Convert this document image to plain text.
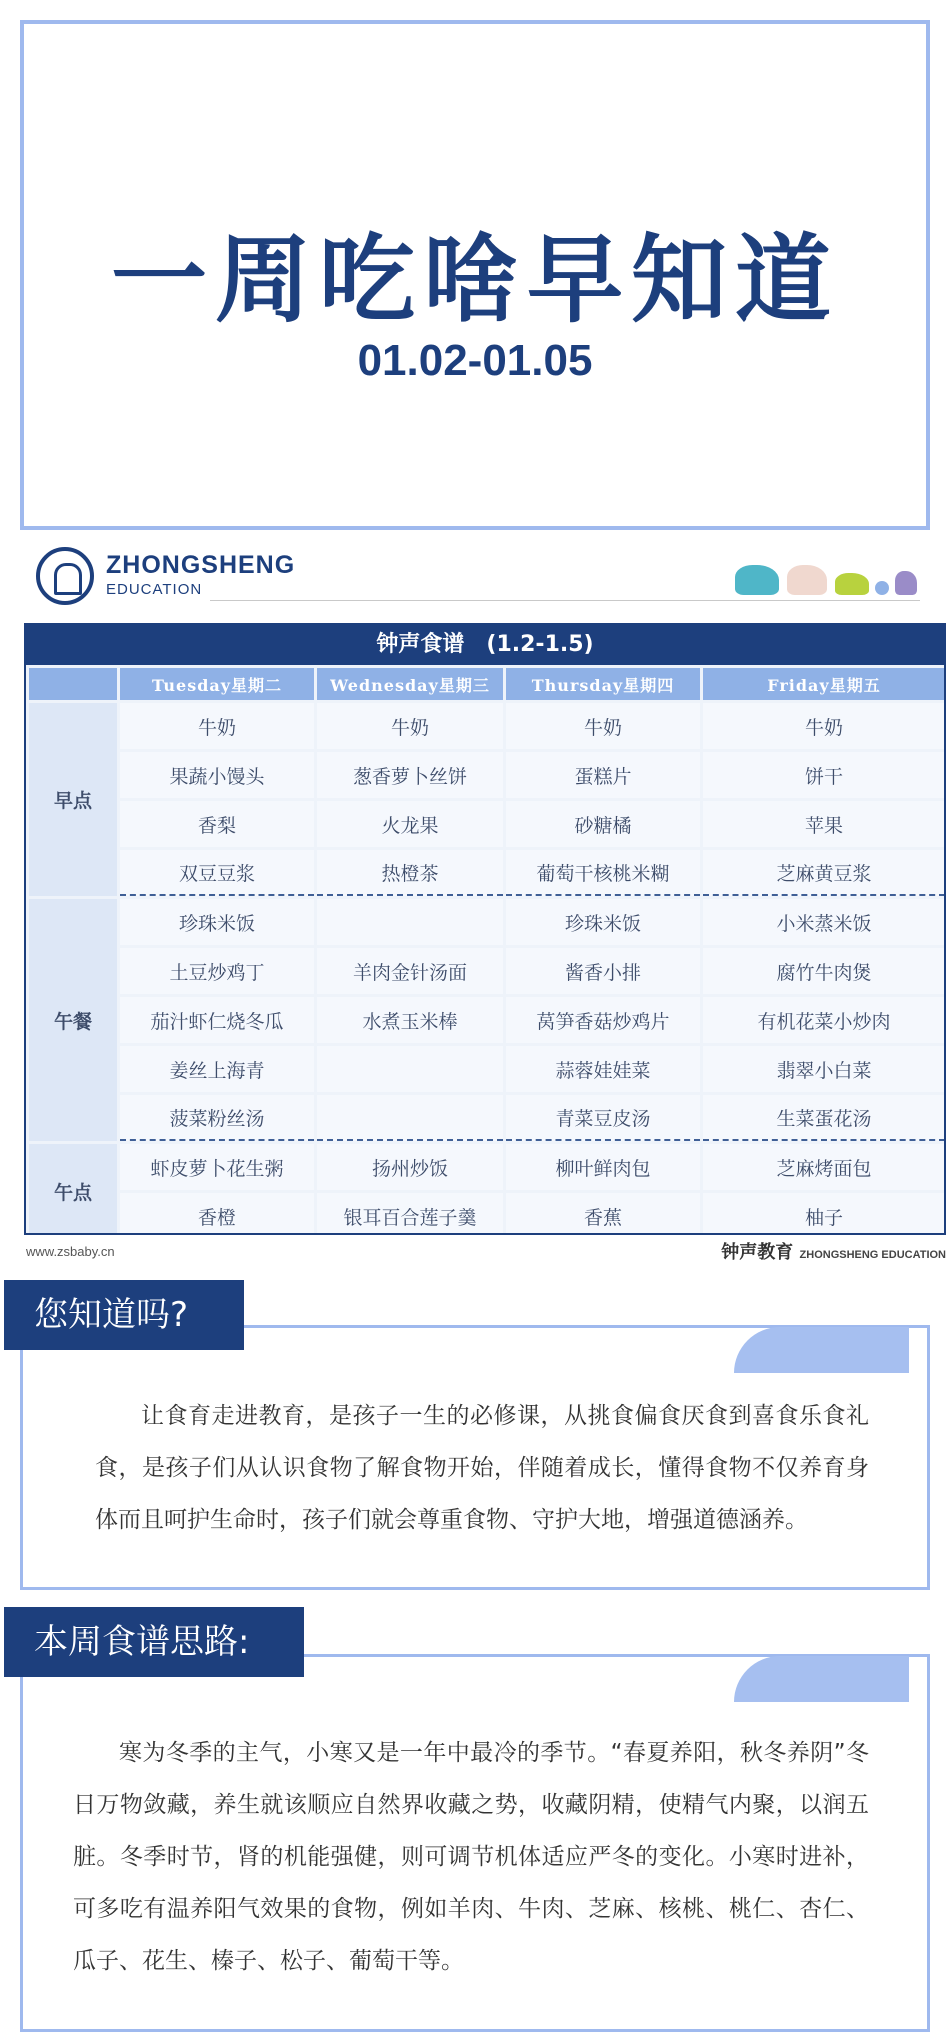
一周吃啥早知道
01.02-01.05
ZHONGSHENG
EDUCATION
钟声食谱　(1.2-1.5)
	Tuesday星期二	Wednesday星期三	Thursday星期四	Friday星期五
早点	牛奶	牛奶	牛奶	牛奶
	果蔬小馒头	葱香萝卜丝饼	蛋糕片	饼干
	香梨	火龙果	砂糖橘	苹果
	双豆豆浆	热橙茶	葡萄干核桃米糊	芝麻黄豆浆
午餐	珍珠米饭		珍珠米饭	小米蒸米饭
	土豆炒鸡丁	羊肉金针汤面	酱香小排	腐竹牛肉煲
	茄汁虾仁烧冬瓜	水煮玉米棒	莴笋香菇炒鸡片	有机花菜小炒肉
	姜丝上海青		蒜蓉娃娃菜	翡翠小白菜
	菠菜粉丝汤		青菜豆皮汤	生菜蛋花汤
午点	虾皮萝卜花生粥	扬州炒饭	柳叶鲜肉包	芝麻烤面包
	香橙	银耳百合莲子羹	香蕉	柚子
www.zsbaby.cn	钟声教育 ZHONGSHENG EDUCATION
让食育走进教育，是孩子一生的必修课，从挑食偏食厌食到喜食乐食礼食，是孩子们从认识食物了解食物开始，伴随着成长，懂得食物不仅养育身体而且呵护生命时，孩子们就会尊重食物、守护大地，增强道德涵养。
您知道吗?
寒为冬季的主气，小寒又是一年中最冷的季节。“春夏养阳，秋冬养阴”冬日万物敛藏，养生就该顺应自然界收藏之势，收藏阴精，使精气内聚，以润五脏。冬季时节，肾的机能强健，则可调节机体适应严冬的变化。小寒时进补，可多吃有温养阳气效果的食物，例如羊肉、牛肉、芝麻、核桃、桃仁、杏仁、瓜子、花生、榛子、松子、葡萄干等。
本周食谱思路:
